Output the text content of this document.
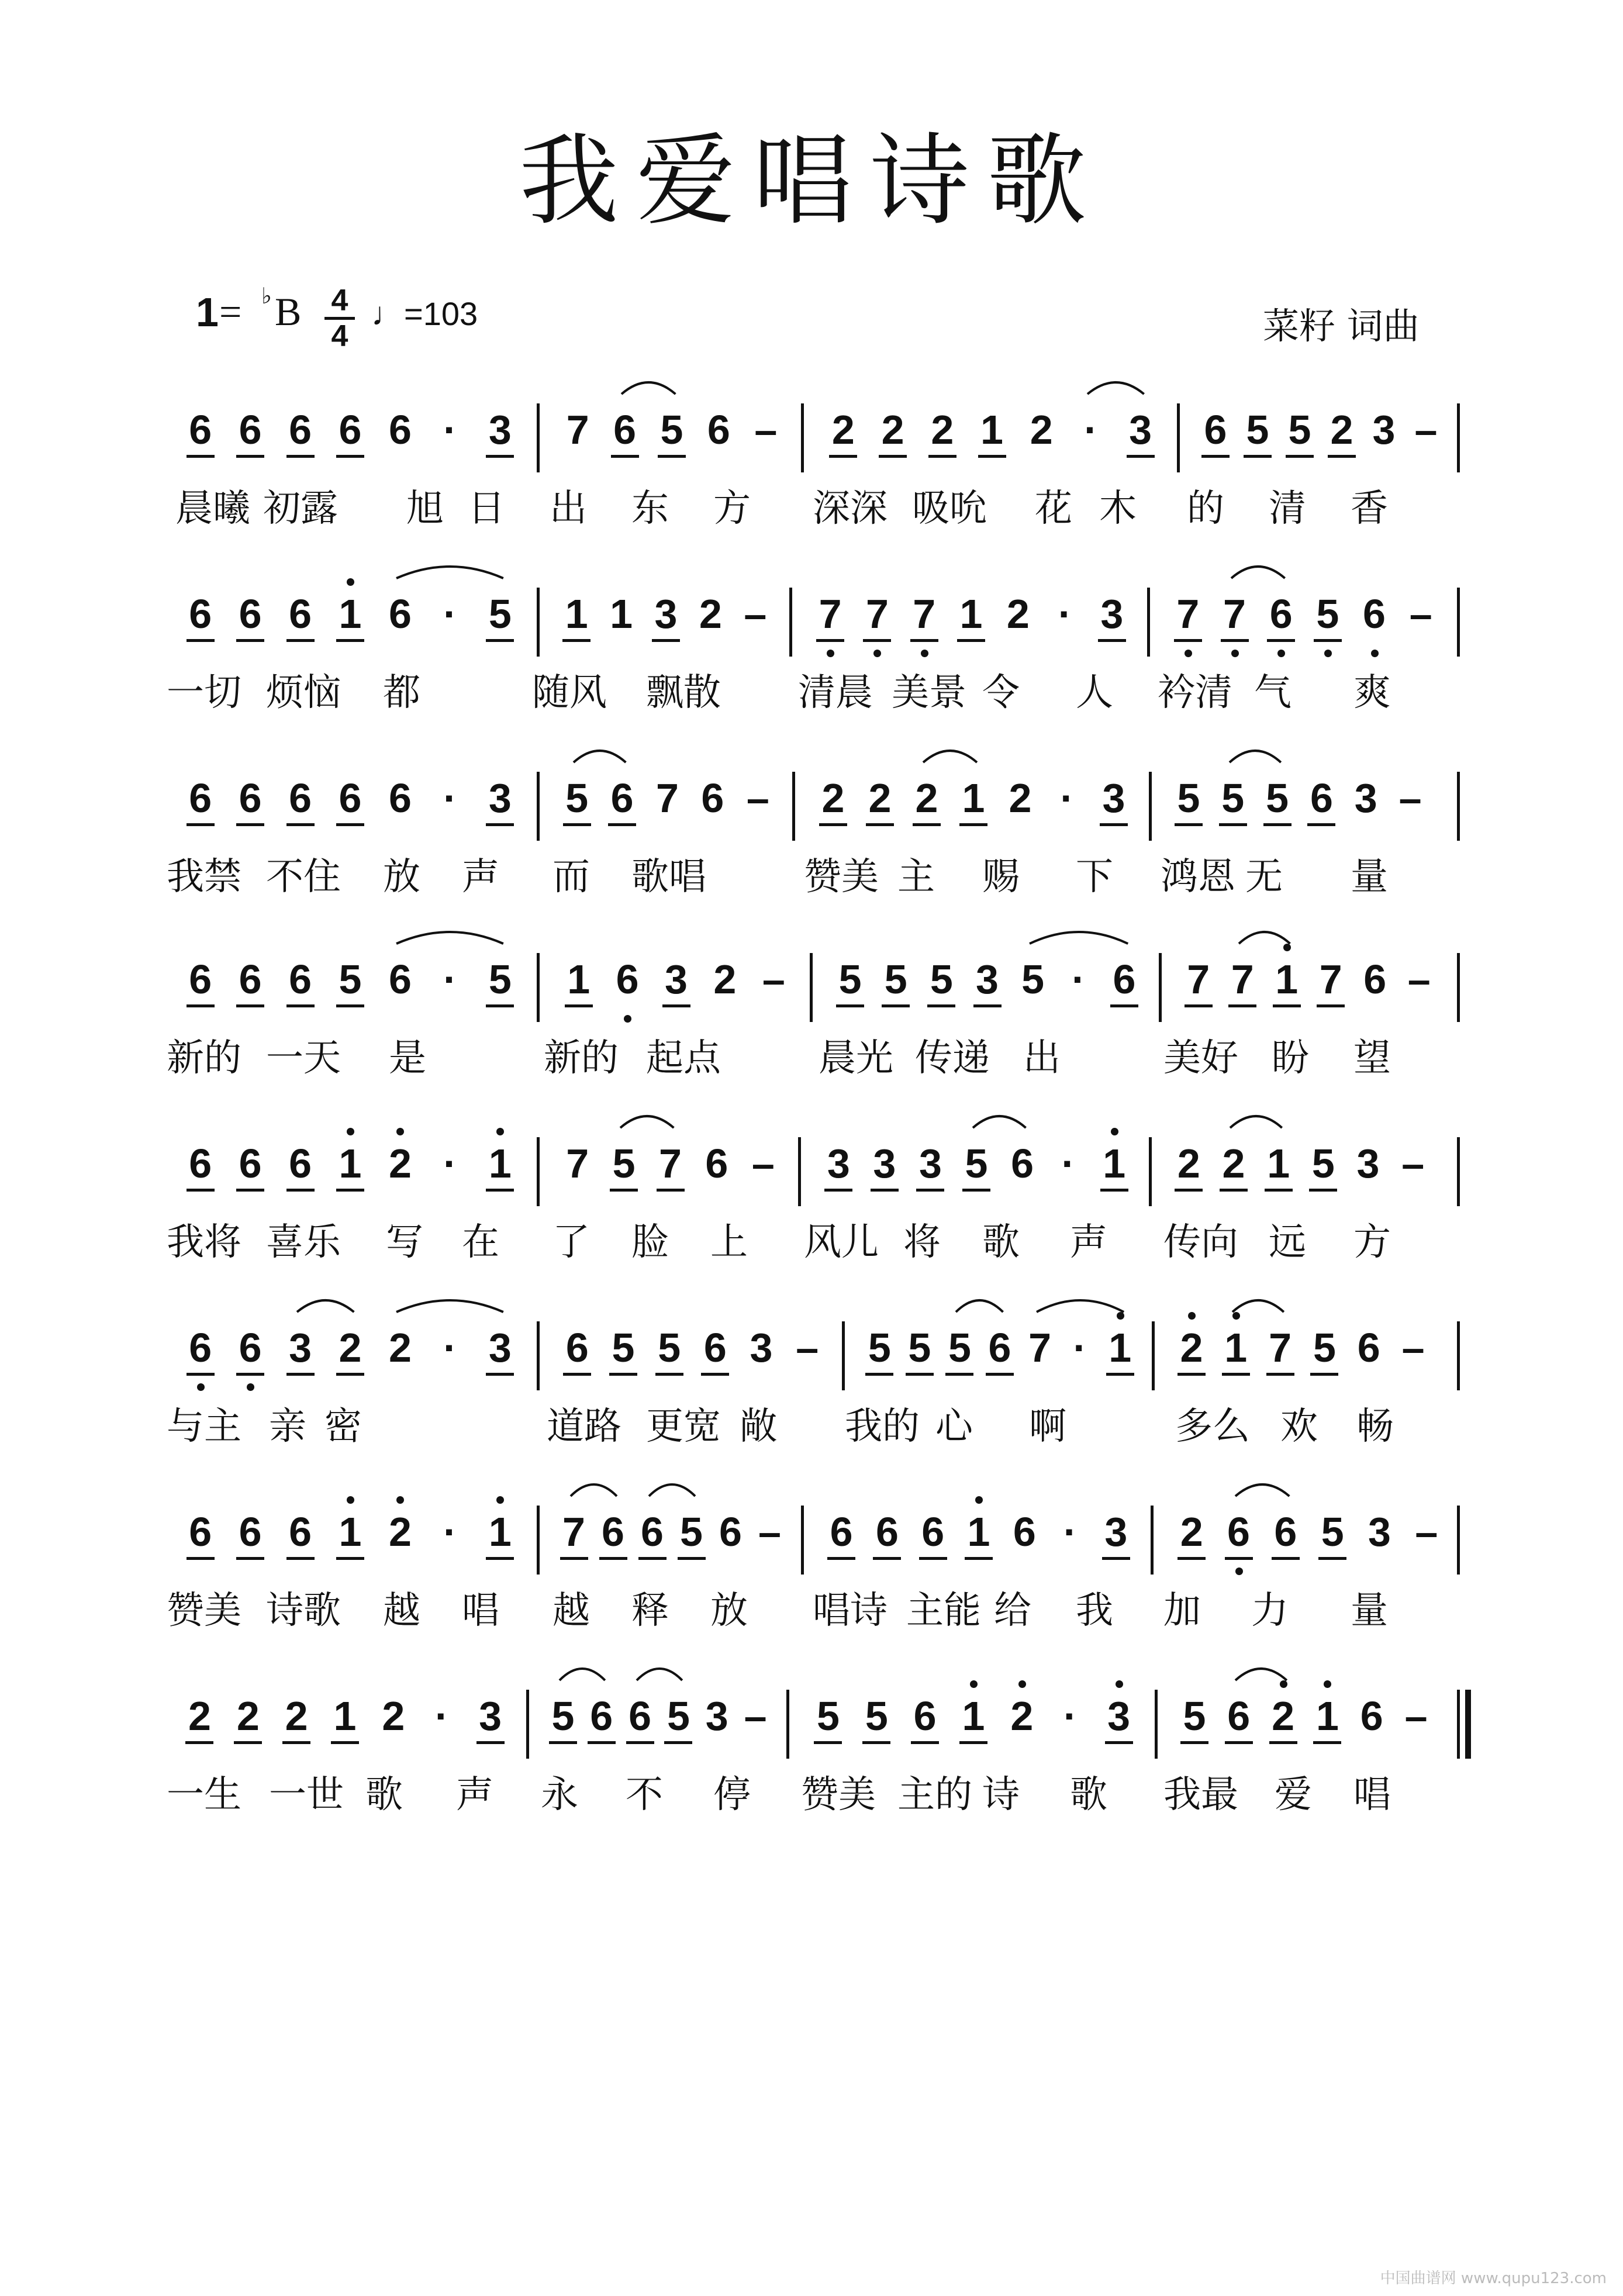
我爱唱诗歌
1 = ♭ B 4
4
♩=103	菜籽 词曲
6 6 6 6 6 · 3 7 6 5 6 – 2 2 2 1 2 · 3 6 5 5 2 3 –
晨曦 初露 旭 日 出 东 方 深深 吸吮 花 木 的 清 香
6 6 6 1 6 · 5 1 1 3 2 – 7 7 7 1 2 · 3 7 7 6 5 6 –
一切 烦恼 都	随风 飘散 清晨 美景 令 人 衿清 气 爽
6 6 6 6 6 · 3 5 6 7 6 – 2 2 2 1 2 · 3 5 5 5 6 3 –
我禁 不住 放 声 而 歌唱	赞美 主 赐 下 鸿恩 无 量
6 6 6 5 6 · 5 1 6 3 2 – 5 5 5 3 5 · 6 7 7 1 7 6 –
新的 一天 是	新的 起点	晨光 传递 出	美好 盼 望
6 6 6 1 2 · 1 7 5 7 6 – 3 3 3 5 6 · 1 2 2 1 5 3 –
我将 喜乐 写 在 了 脸 上 风儿 将 歌 声 传向 远 方
6 6 3 2 2 · 3 6 5 5 6 3 – 5 5 5 6 7 · 1 2 1 7 5 6 –
与主 亲 密	道路 更宽 敞 我的 心 啊	多么 欢 畅
6 6 6 1 2 · 1 7 6 6 5 6 – 6 6 6 1 6 · 3 2 6 6 5 3 –
赞美 诗歌 越 唱 越 释 放 唱诗 主能 给 我 加 力 量
2 2 2 1 2 · 3 5 6 6 5 3 – 5 5 6 1 2 · 3 5 6 2 1 6 –
一生 一世 歌 声 永 不 停 赞美 主的 诗 歌 我最 爱 唱
中国曲谱网 www.qupu123.com
